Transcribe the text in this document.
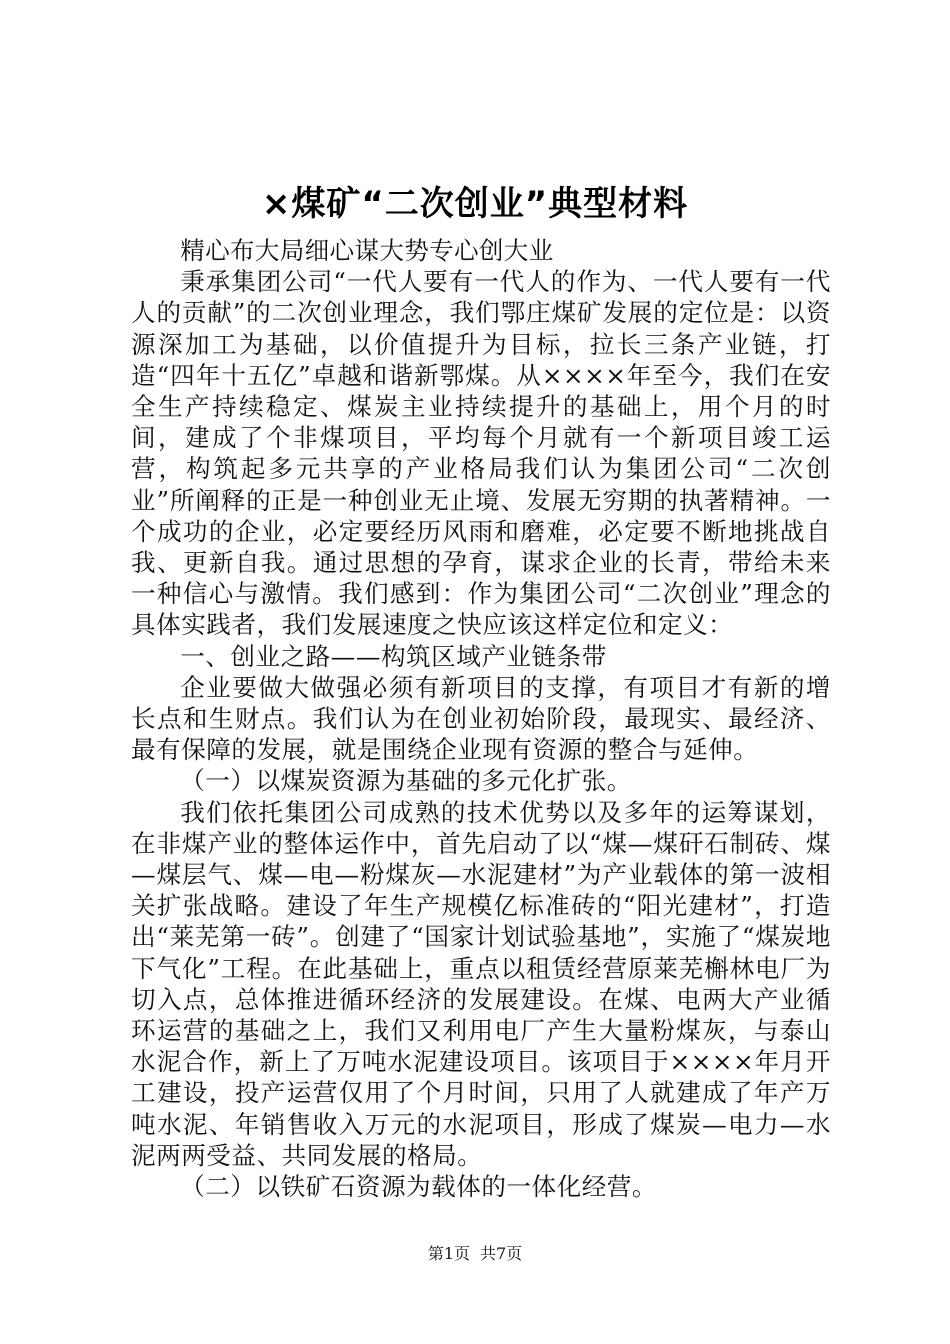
×煤矿“二次创业”典型材料

精心布大局细心谋大势专心创大业

秉承集团公司“一代人要有一代人的作为、一代人要有一代人的贡献”的二次创业理念，我们鄂庄煤矿发展的定位是：以资源深加工为基础，以价值提升为目标，拉长三条产业链，打造“四年十五亿”卓越和谐新鄂煤。从××××年至今，我们在安全生产持续稳定、煤炭主业持续提升的基础上，用个月的时间，建成了个非煤项目，平均每个月就有一个新项目竣工运营，构筑起多元共享的产业格局我们认为集团公司“二次创业”所阐释的正是一种创业无止境、发展无穷期的执著精神。一个成功的企业，必定要经历风雨和磨难，必定要不断地挑战自我、更新自我。通过思想的孕育，谋求企业的长青，带给未来一种信心与激情。我们感到：作为集团公司“二次创业”理念的具体实践者，我们发展速度之快应该这样定位和定义：

一、创业之路——构筑区域产业链条带

企业要做大做强必须有新项目的支撑，有项目才有新的增长点和生财点。我们认为在创业初始阶段，最现实、最经济、最有保障的发展，就是围绕企业现有资源的整合与延伸。

（一）以煤炭资源为基础的多元化扩张。

我们依托集团公司成熟的技术优势以及多年的运筹谋划，在非煤产业的整体运作中，首先启动了以“煤—煤矸石制砖、煤—煤层气、煤—电—粉煤灰—水泥建材”为产业载体的第一波相关扩张战略。建设了年生产规模亿标准砖的“阳光建材”，打造出“莱芜第一砖”。创建了“国家计划试验基地”，实施了“煤炭地下气化”工程。在此基础上，重点以租赁经营原莱芜槲林电厂为切入点，总体推进循环经济的发展建设。在煤、电两大产业循环运营的基础之上，我们又利用电厂产生大量粉煤灰，与泰山水泥合作，新上了万吨水泥建设项目。该项目于××××年月开工建设，投产运营仅用了个月时间，只用了人就建成了年产万吨水泥、年销售收入万元的水泥项目，形成了煤炭—电力—水泥两两受益、共同发展的格局。

（二）以铁矿石资源为载体的一体化经营。

第1页 共7页
